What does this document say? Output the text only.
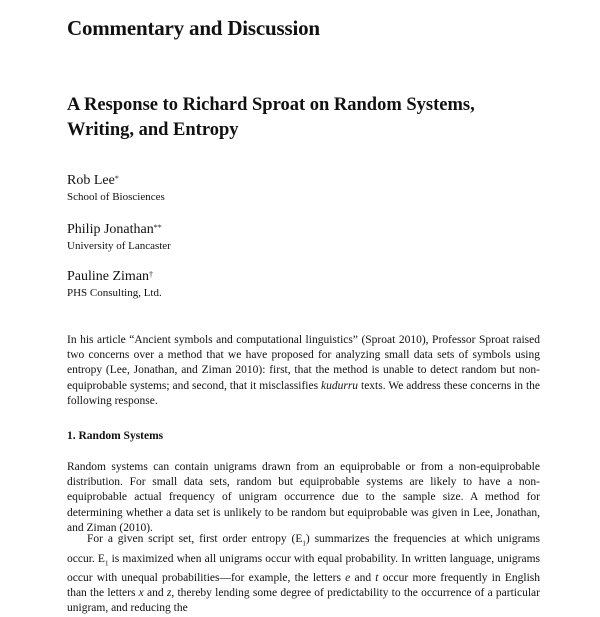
Commentary and Discussion
A Response to Richard Sproat on Random Systems, Writing, and Entropy
Rob Lee*
School of Biosciences
Philip Jonathan**
University of Lancaster
Pauline Ziman†
PHS Consulting, Ltd.

In his article “Ancient symbols and computational linguistics” (Sproat 2010), Professor Sproat raised two concerns over a method that we have proposed for analyzing small data sets of symbols using entropy (Lee, Jonathan, and Ziman 2010): first, that the method is unable to detect random but non-equiprobable systems; and second, that it misclassifies kudurru texts. We address these concerns in the following response.

1. Random Systems

Random systems can contain unigrams drawn from an equiprobable or from a non-equiprobable distribution. For small data sets, random but equiprobable systems are likely to have a non-equiprobable actual frequency of unigram occurrence due to the sample size. A method for determining whether a data set is unlikely to be random but equiprobable was given in Lee, Jonathan, and Ziman (2010).

For a given script set, first order entropy $(E_1)$ summarizes the frequencies at which unigrams occur. $E_1$ is maximized when all unigrams occur with equal probability. In written language, unigrams occur with unequal probabilities—for example, the letters e and t occur more frequently in English than the letters x and z, thereby lending some degree of predictability to the occurrence of a particular unigram, and reducing the
